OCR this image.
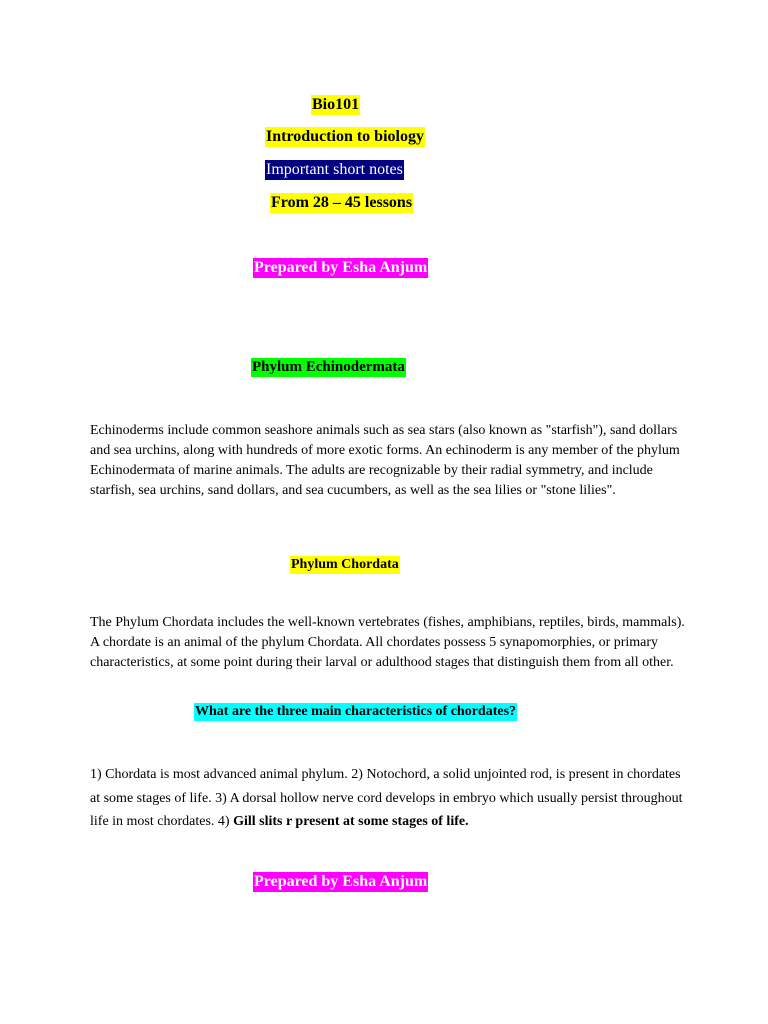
Bio101
Introduction to biology
Important short notes
From 28 – 45 lessons
Prepared by Esha Anjum
Phylum Echinodermata
Echinoderms include common seashore animals such as sea stars (also known as "starfish"), sand dollars and sea urchins, along with hundreds of more exotic forms. An echinoderm is any member of the phylum Echinodermata of marine animals. The adults are recognizable by their radial symmetry, and include starfish, sea urchins, sand dollars, and sea cucumbers, as well as the sea lilies or "stone lilies".
Phylum Chordata
The Phylum Chordata includes the well-known vertebrates (fishes, amphibians, reptiles, birds, mammals). A chordate is an animal of the phylum Chordata. All chordates possess 5 synapomorphies, or primary characteristics, at some point during their larval or adulthood stages that distinguish them from all other.
What are the three main characteristics of chordates?
1) Chordata is most advanced animal phylum. 2) Notochord, a solid unjointed rod, is present in chordates at some stages of life. 3) A dorsal hollow nerve cord develops in embryo which usually persist throughout life in most chordates. 4) Gill slits r present at some stages of life.
Prepared by Esha Anjum
